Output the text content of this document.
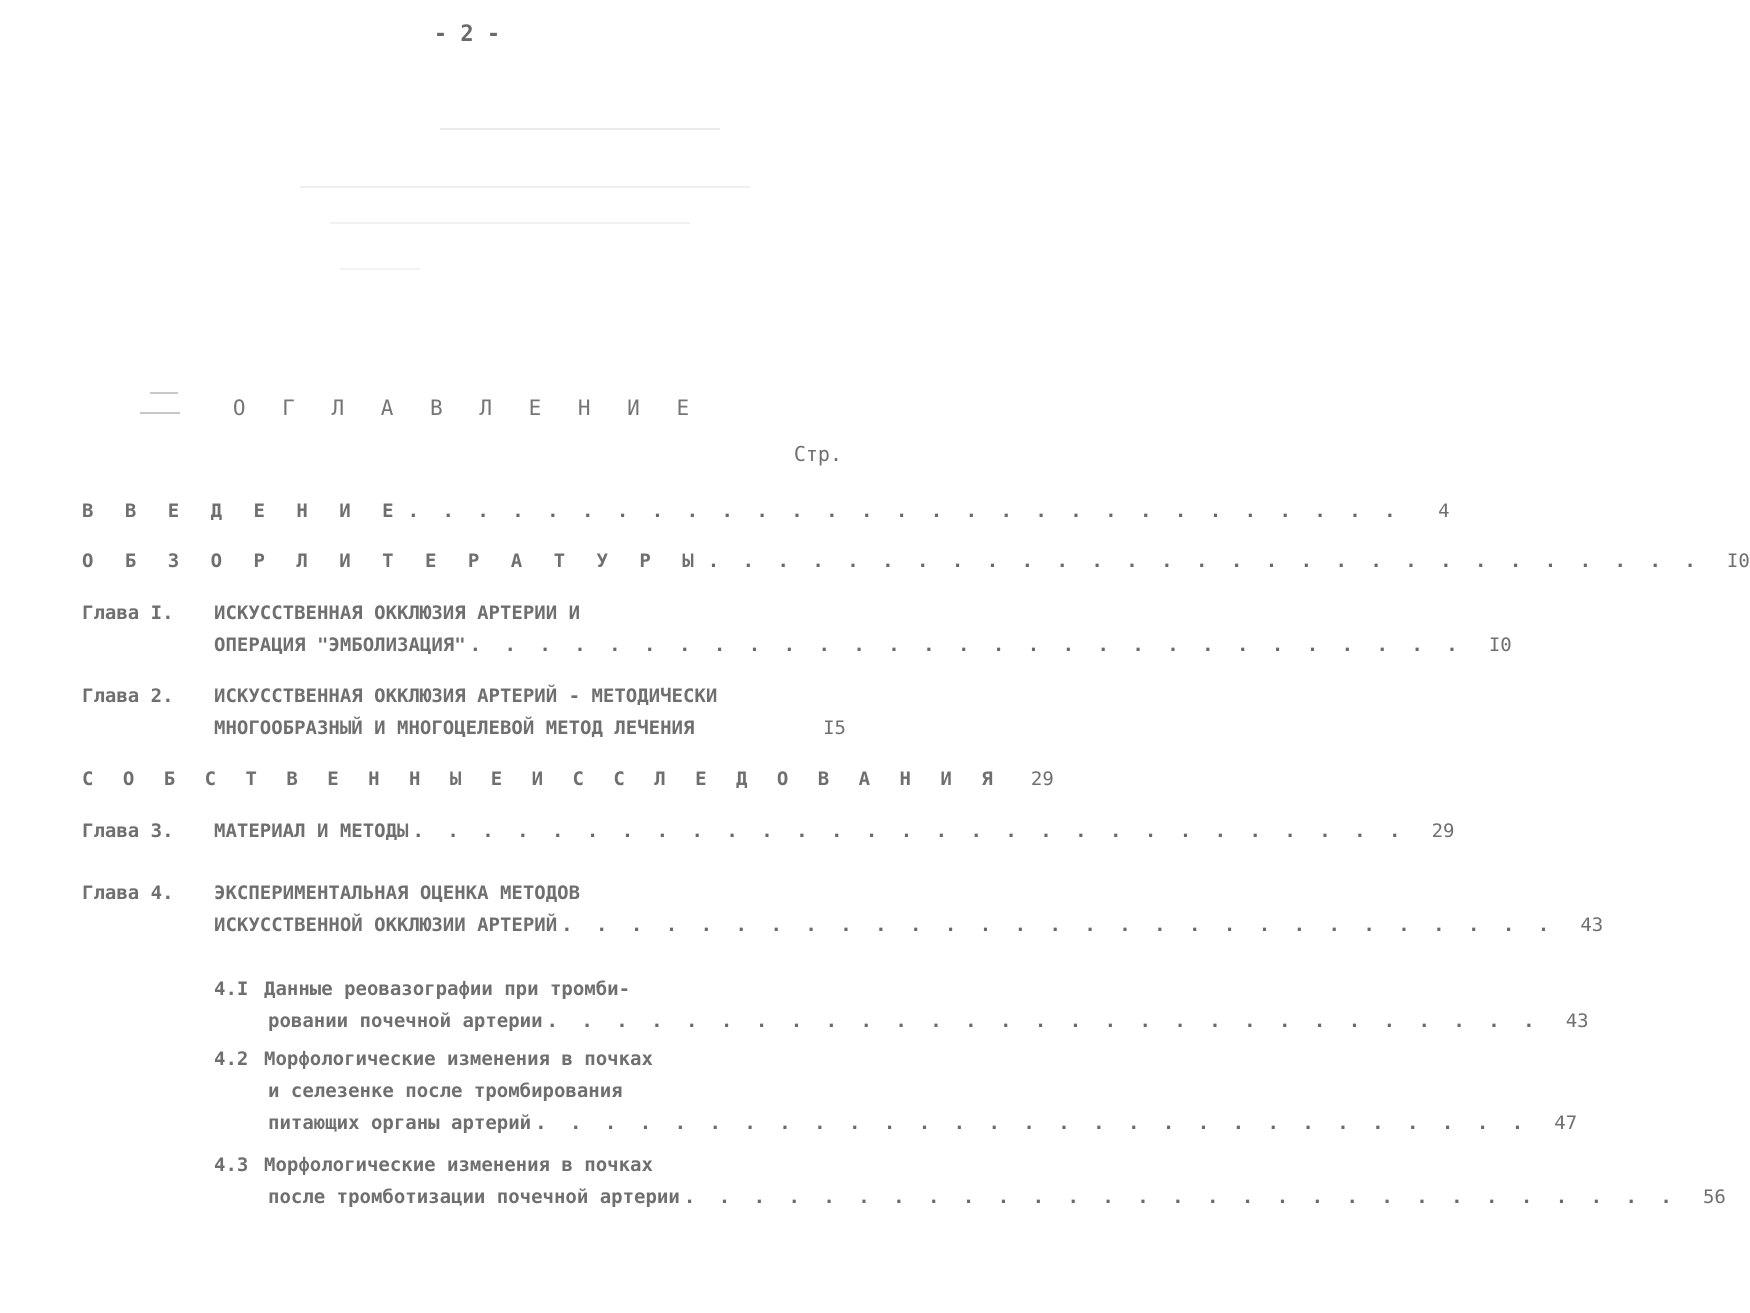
- 2 -
О Г Л А В Л Е Н И Е
Стр.
В В Е Д Е Н И Е . . . . . . . . . . . . . . . . . . . . . . . . . . . . .	4
О Б З О Р Л И Т Е Р А Т У Р Ы . . . . . . . . . . . . . . . . . . . . . . . . . . . . .	I0
Глава I.	ИСКУССТВЕННАЯ ОККЛЮЗИЯ АРТЕРИИ И
ОПЕРАЦИЯ "ЭМБОЛИЗАЦИЯ" . . . . . . . . . . . . . . . . . . . . . . . . . . . . .	I0
Глава 2.	ИСКУССТВЕННАЯ ОККЛЮЗИЯ АРТЕРИЙ - МЕТОДИЧЕСКИ
МНОГООБРАЗНЫЙ И МНОГОЦЕЛЕВОЙ МЕТОД ЛЕЧЕНИЯ	I5
С О Б С Т В Е Н Н Ы Е И С С Л Е Д О В А Н И Я	29
Глава 3.	МАТЕРИАЛ И МЕТОДЫ . . . . . . . . . . . . . . . . . . . . . . . . . . . . .	29
Глава 4.	ЭКСПЕРИМЕНТАЛЬНАЯ ОЦЕНКА МЕТОДОВ
ИСКУССТВЕННОЙ ОККЛЮЗИИ АРТЕРИЙ . . . . . . . . . . . . . . . . . . . . . . . . . . . . .	43
4.I Данные реовазографии при тромби-
ровании почечной артерии . . . . . . . . . . . . . . . . . . . . . . . . . . . . .	43
4.2 Морфологические изменения в почках
и селезенке после тромбирования
питающих органы артерий . . . . . . . . . . . . . . . . . . . . . . . . . . . . .	47
4.3 Морфологические изменения в почках
после тромботизации почечной артерии . . . . . . . . . . . . . . . . . . . . . . . . . . . . .	56
